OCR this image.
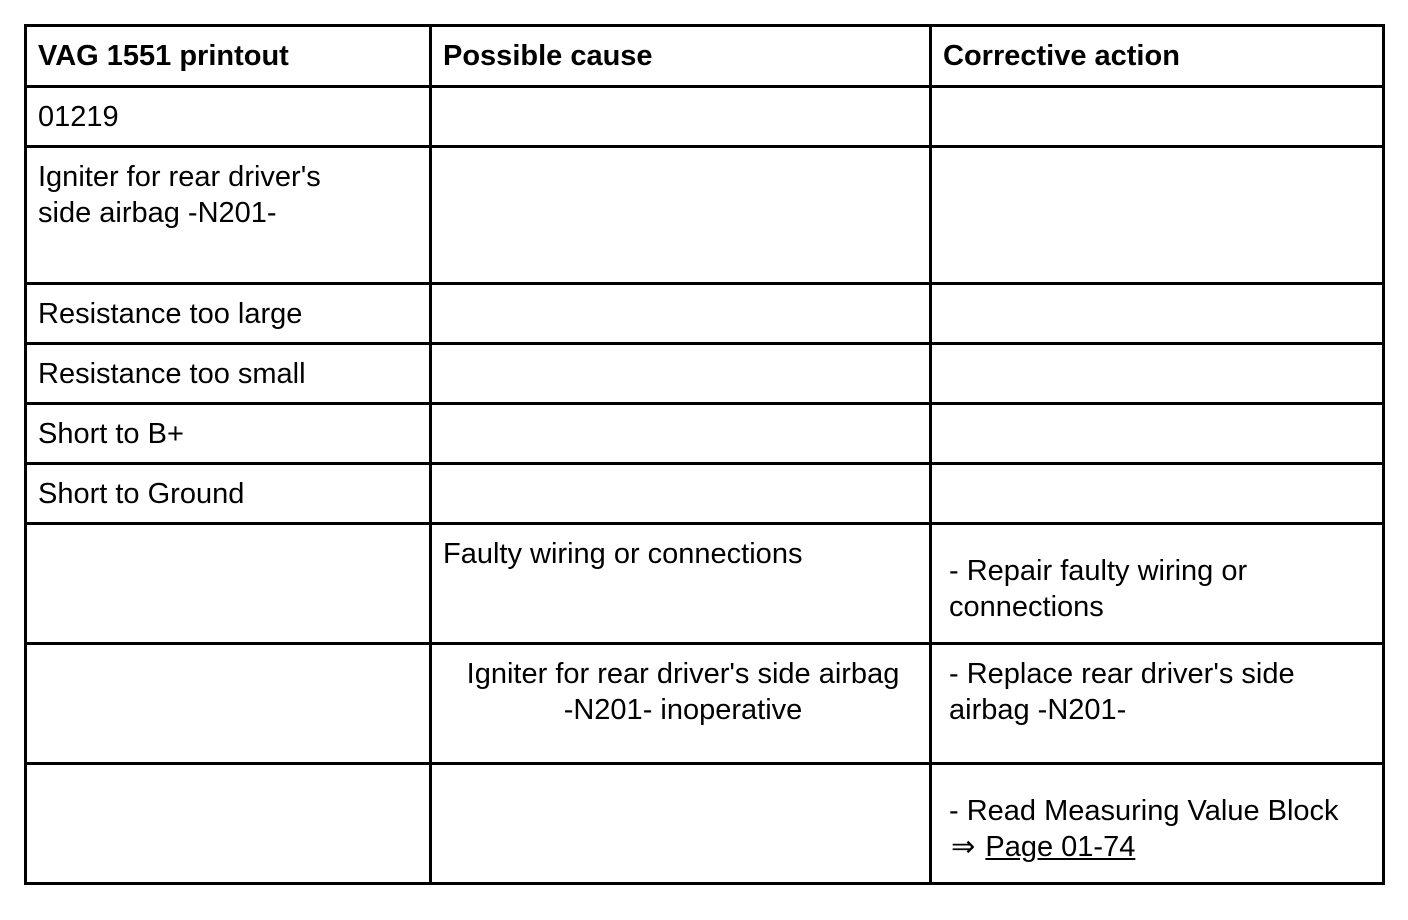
VAG 1551 printout	Possible cause	Corrective action
01219		

Igniter for rear driver's side airbag -N201-		

Resistance too large		
Resistance too small		
Short to B+		
Short to Ground		
	Faulty wiring or connections	- Repair faulty wiring or connections

	Igniter for rear driver's side airbag -N201- inoperative	- Replace rear driver's side airbag -N201-

		- Read Measuring Value Block ⇒ Page 01-74
